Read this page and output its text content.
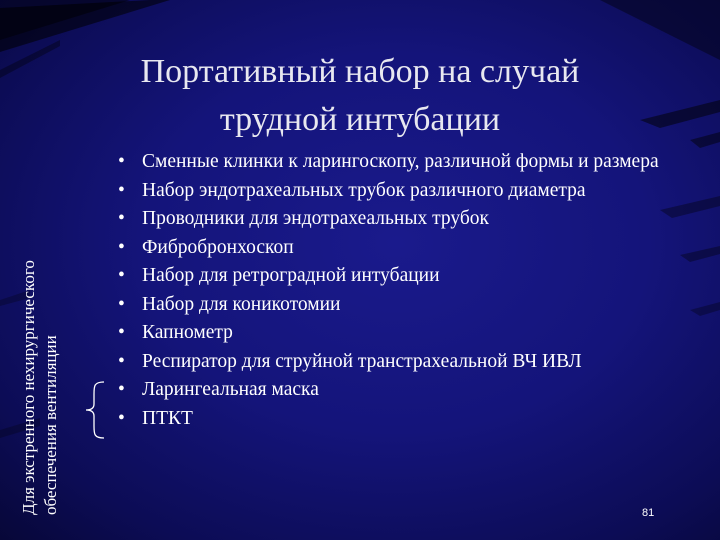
Портативный набор на случай
трудной интубации
Для экстренного нехирургического обеспечения вентиляции
• Сменные клинки к ларингоскопу, различной формы и размера
• Набор эндотрахеальных трубок различного диаметра
• Проводники для эндотрахеальных трубок
• Фибробронхоскоп
• Набор для ретроградной интубации
• Набор для коникотомии
• Капнометр
• Респиратор для струйной транстрахеальной ВЧ ИВЛ
• Ларингеальная маска
• ПТКТ
81
